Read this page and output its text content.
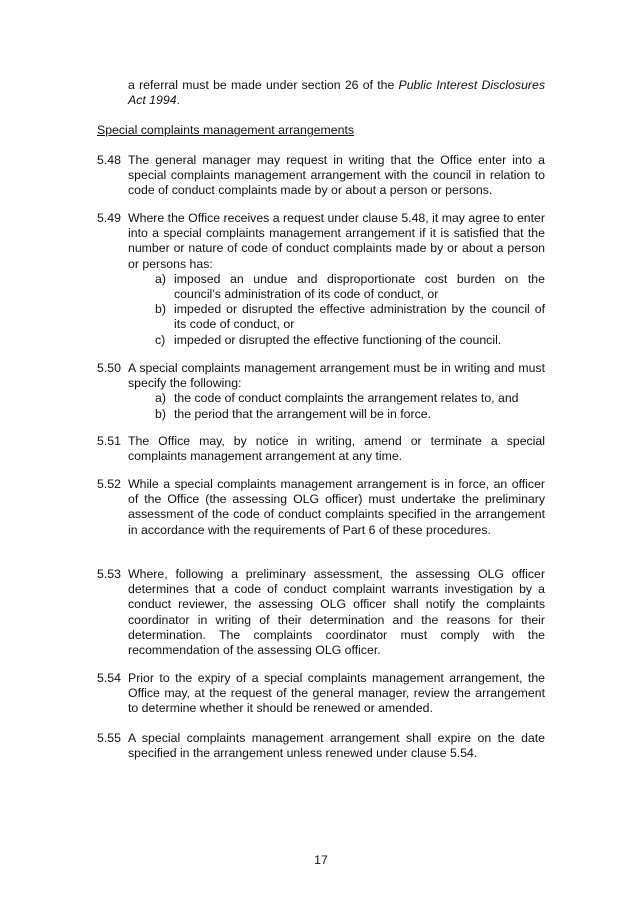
a referral must be made under section 26 of the Public Interest Disclosures Act 1994.
Special complaints management arrangements
5.48 The general manager may request in writing that the Office enter into a special complaints management arrangement with the council in relation to code of conduct complaints made by or about a person or persons.
5.49 Where the Office receives a request under clause 5.48, it may agree to enter into a special complaints management arrangement if it is satisfied that the number or nature of code of conduct complaints made by or about a person or persons has:
a) imposed an undue and disproportionate cost burden on the council’s administration of its code of conduct, or
b) impeded or disrupted the effective administration by the council of its code of conduct, or
c) impeded or disrupted the effective functioning of the council.
5.50 A special complaints management arrangement must be in writing and must specify the following:
a) the code of conduct complaints the arrangement relates to, and
b) the period that the arrangement will be in force.
5.51 The Office may, by notice in writing, amend or terminate a special complaints management arrangement at any time.
5.52 While a special complaints management arrangement is in force, an officer of the Office (the assessing OLG officer) must undertake the preliminary assessment of the code of conduct complaints specified in the arrangement in accordance with the requirements of Part 6 of these procedures.
5.53 Where, following a preliminary assessment, the assessing OLG officer determines that a code of conduct complaint warrants investigation by a conduct reviewer, the assessing OLG officer shall notify the complaints coordinator in writing of their determination and the reasons for their determination. The complaints coordinator must comply with the recommendation of the assessing OLG officer.
5.54 Prior to the expiry of a special complaints management arrangement, the Office may, at the request of the general manager, review the arrangement to determine whether it should be renewed or amended.
5.55 A special complaints management arrangement shall expire on the date specified in the arrangement unless renewed under clause 5.54.
17
